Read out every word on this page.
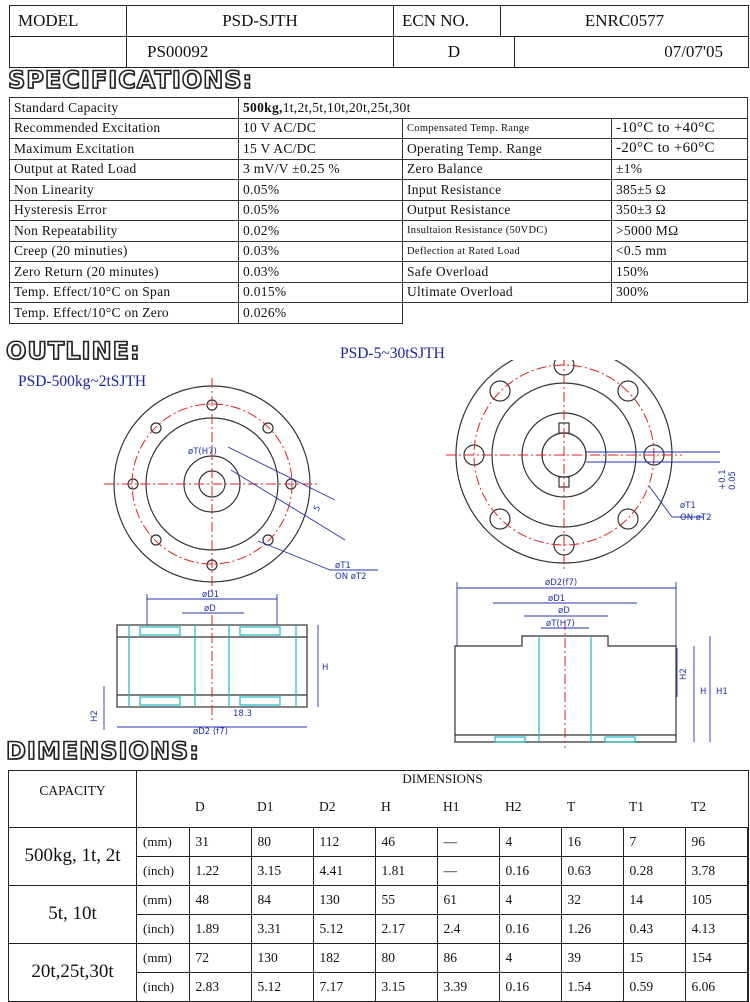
MODEL	PSD-SJTH	ECN NO.	ENRC0577	
	PS00092	D		07/07'05
SPECIFICATIONS:
Standard Capacity	500kg,1t,2t,5t,10t,20t,25t,30t		
Recommended Excitation	10 V AC/DC	Compensated Temp. Range	-10°C to +40°C
Maximum Excitation	15 V AC/DC	Operating Temp. Range	-20°C to +60°C
Output at Rated Load	3 mV/V ±0.25 %	Zero Balance	±1%
Non Linearity	0.05%	Input Resistance	385±5 Ω
Hysteresis Error	0.05%	Output Resistance	350±3 Ω
Non Repeatability	0.02%	Insultaion Resistance (50VDC)	>5000 MΩ
Creep (20 minuties)	0.03%	Deflection at Rated Load	<0.5 mm
Zero Return (20 minutes)	0.03%	Safe Overload	150%
Temp. Effect/10°C on Span	0.015%	Ultimate Overload	300%
Temp. Effect/10°C on Zero	0.026%		
OUTLINE:	PSD-5~30tSJTH
PSD-500kg~2tSJTH
øT(H7)
øT1
ON øT2
5
øD1
øD
øD2 (f7)
18.3
H
H2
øD2(f7)
øD1
øD
øT(H7)
øT1
ON øT2
H H1
H2
+0.1 0.05
DIMENSIONS:
CAPACITY	DIMENSIONS										
		D	D1	D2	H	H1	H2	T	T1	T2	
500kg, 1t, 2t	(mm)	31	80	112	46	—	4	16	7	96	
	(inch)	1.22	3.15	4.41	1.81	—	0.16	0.63	0.28	3.78	
5t, 10t	(mm)	48	84	130	55	61	4	32	14	105	
	(inch)	1.89	3.31	5.12	2.17	2.4	0.16	1.26	0.43	4.13	
20t,25t,30t	(mm)	72	130	182	80	86	4	39	15	154	
	(inch)	2.83	5.12	7.17	3.15	3.39	0.16	1.54	0.59	6.06	
